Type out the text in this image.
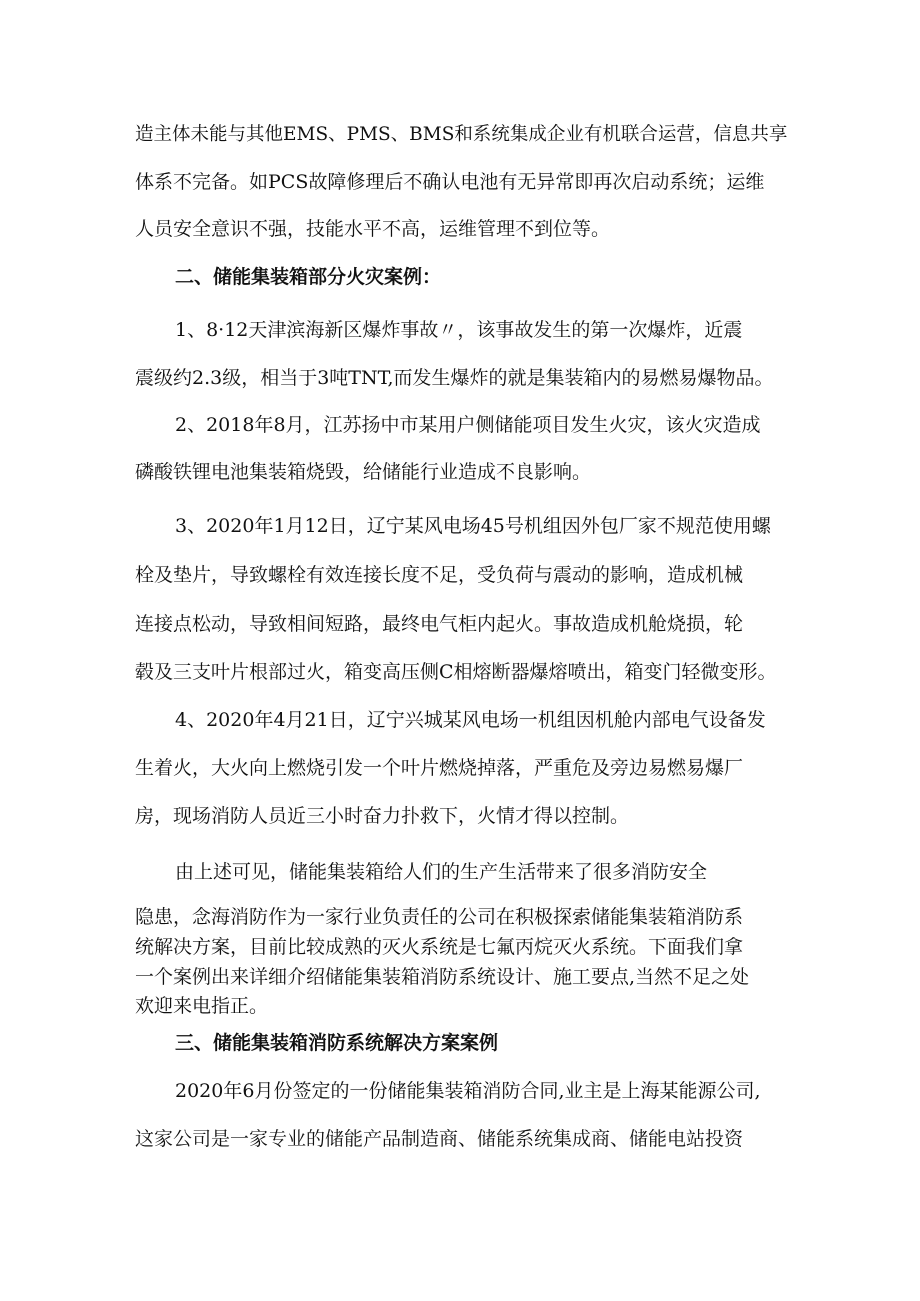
造主体未能与其他EMS、PMS、BMS和系统集成企业有机联合运营，信息共享
体系不完备。如PCS故障修理后不确认电池有无异常即再次启动系统；运维
人员安全意识不强，技能水平不高，运维管理不到位等。
二、储能集装箱部分火灾案例：
1、8·12天津滨海新区爆炸事故〃，该事故发生的第一次爆炸，近震
震级约2.3级，相当于3吨TNT,而发生爆炸的就是集装箱内的易燃易爆物品。
2、2018年8月，江苏扬中市某用户侧储能项目发生火灾，该火灾造成
磷酸铁锂电池集装箱烧毁，给储能行业造成不良影响。
3、2020年1月12日，辽宁某风电场45号机组因外包厂家不规范使用螺
栓及垫片，导致螺栓有效连接长度不足，受负荷与震动的影响，造成机械
连接点松动，导致相间短路，最终电气柜内起火。事故造成机舱烧损，轮
毂及三支叶片根部过火，箱变高压侧C相熔断器爆熔喷出，箱变门轻微变形。
4、2020年4月21日，辽宁兴城某风电场一机组因机舱内部电气设备发
生着火，大火向上燃烧引发一个叶片燃烧掉落，严重危及旁边易燃易爆厂
房，现场消防人员近三小时奋力扑救下，火情才得以控制。
由上述可见，储能集装箱给人们的生产生活带来了很多消防安全
隐患，念海消防作为一家行业负责任的公司在积极探索储能集装箱消防系
统解决方案，目前比较成熟的灭火系统是七氟丙烷灭火系统。下面我们拿
一个案例出来详细介绍储能集装箱消防系统设计、施工要点,当然不足之处
欢迎来电指正。
三、储能集装箱消防系统解决方案案例
2020年6月份签定的一份储能集装箱消防合同,业主是上海某能源公司,
这家公司是一家专业的储能产品制造商、储能系统集成商、储能电站投资
